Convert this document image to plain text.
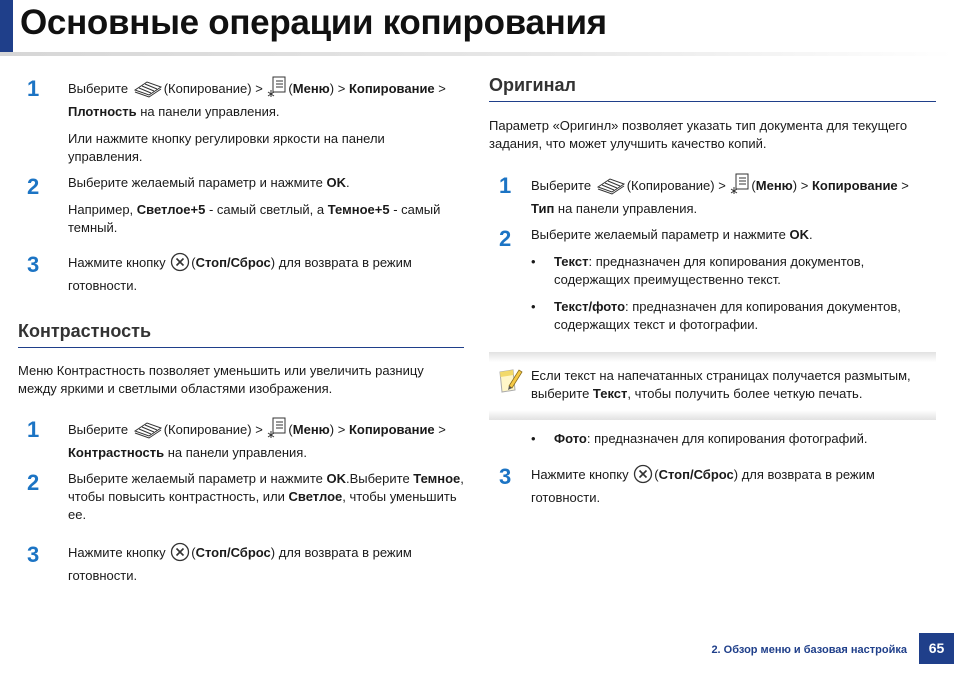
Основные операции копирования
1	Выберите	(Копирование) > (Меню) > Копирование >
Плотность на панели управления.

Или нажмите кнопку регулировки яркости на панели управления.

2	Выберите желаемый параметр и нажмите OK.

Например, Светлое+5 - самый светлый, а Темное+5 - самый темный.

3	Нажмите кнопку (Стоп/Сброс) для возврата в режим готовности.

Контрастность
Меню Контрастность позволяет уменьшить или увеличить разницу между яркими и светлыми областями изображения.
1	Выберите	(Копирование) > (Меню) > Копирование >
Контрастность на панели управления.

2	Выберите желаемый параметр и нажмите OK.Выберите Темное, чтобы повысить контрастность, или Светлое, чтобы уменьшить ее.

3	Нажмите кнопку (Стоп/Сброс) для возврата в режим готовности.

Оригинал
Параметр «Оригинл» позволяет указать тип документа для текущего задания, что может улучшить качество копий.
1	Выберите	(Копирование) > (Меню) > Копирование >
Тип на панели управления.

2	Выберите желаемый параметр и нажмите OK.

• Текст: предназначен для копирования документов, содержащих преимущественно текст.
• Текст/фото: предназначен для копирования документов, содержащих текст и фотографии.
Если текст на напечатанных страницах получается размытым, выберите Текст, чтобы получить более четкую печать.
• Фото: предназначен для копирования фотографий.
3	Нажмите кнопку (Стоп/Сброс) для возврата в режим готовности.

2. Обзор меню и базовая настройка	65
